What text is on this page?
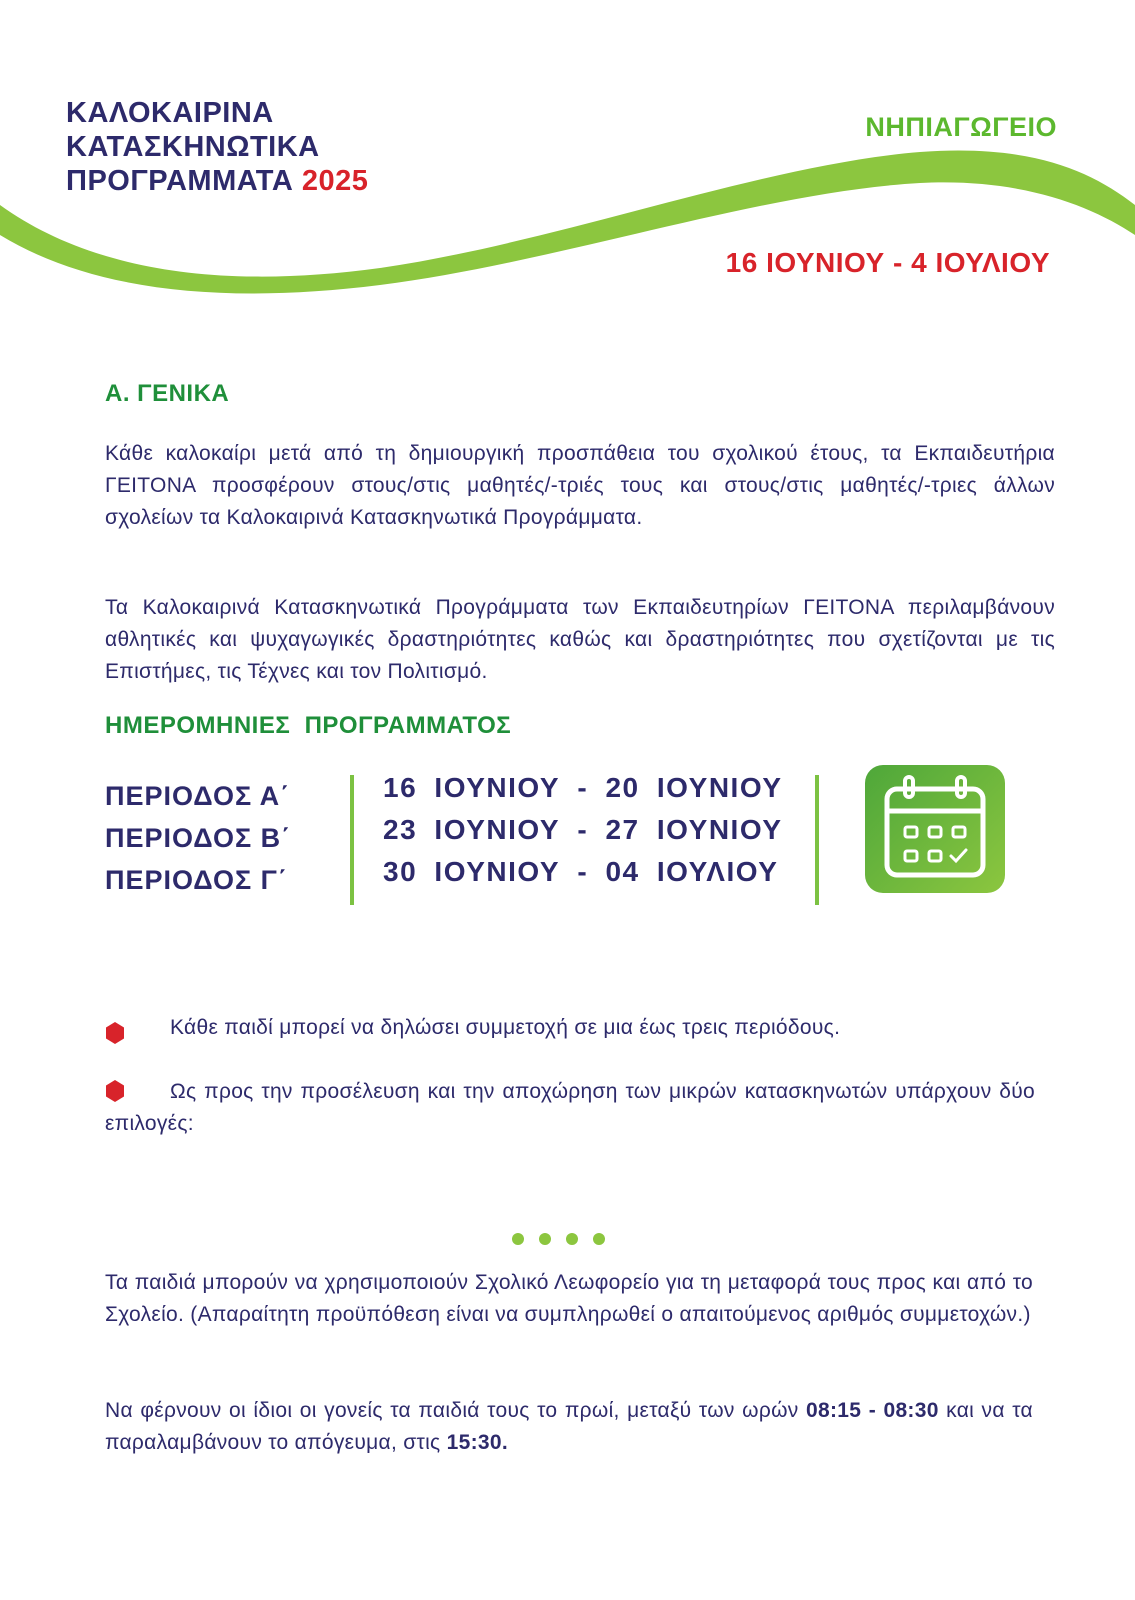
ΚΑΛΟΚΑΙΡΙΝΑ
ΚΑΤΑΣΚΗΝΩΤΙΚΑ
ΠΡΟΓΡΑΜΜΑΤΑ 2025
ΝΗΠΙΑΓΩΓΕΙΟ
16 ΙΟΥΝΙΟΥ - 4 ΙΟΥΛΙΟΥ
Α. ΓΕΝΙΚΑ

Κάθε καλοκαίρι μετά από τη δημιουργική προσπάθεια του σχολικού έτους, τα Εκπαιδευτήρια ΓΕΙΤΟΝΑ προσφέρουν στους/στις μαθητές/-τριές τους και στους/στις μαθητές/-τριες άλλων σχολείων τα Καλοκαιρινά Κατασκηνωτικά Προγράμματα.

Τα Καλοκαιρινά Κατασκηνωτικά Προγράμματα των Εκπαιδευτηρίων ΓΕΙΤΟΝΑ περιλαμβάνουν αθλητικές και ψυχαγωγικές δραστηριότητες καθώς και δραστηριότητες που σχετίζονται με τις Επιστήμες, τις Τέχνες και τον Πολιτισμό.

ΗΜΕΡΟΜΗΝΙΕΣ  ΠΡΟΓΡΑΜΜΑΤΟΣ
ΠΕΡΙΟΔΟΣ Α΄
ΠΕΡΙΟΔΟΣ Β΄
ΠΕΡΙΟΔΟΣ Γ΄
16 ΙΟΥΝΙΟΥ - 20 ΙΟΥΝΙΟΥ
23 ΙΟΥΝΙΟΥ - 27 ΙΟΥΝΙΟΥ
30 ΙΟΥΝΙΟΥ - 04 ΙΟΥΛΙΟΥ

Κάθε παιδί μπορεί να δηλώσει συμμετοχή σε μια έως τρεις περιόδους.

Ως προς την προσέλευση και την αποχώρηση των μικρών κατασκηνωτών υπάρχουν δύο επιλογές:

Τα παιδιά μπορούν να χρησιμοποιούν Σχολικό Λεωφορείο για τη μεταφορά τους προς και από το Σχολείο. (Απαραίτητη προϋπόθεση είναι να συμπληρωθεί ο απαιτούμενος αριθμός συμμετοχών.)

Να φέρνουν οι ίδιοι οι γονείς τα παιδιά τους το πρωί, μεταξύ των ωρών 08:15 - 08:30 και να τα παραλαμβάνουν το απόγευμα, στις 15:30.
